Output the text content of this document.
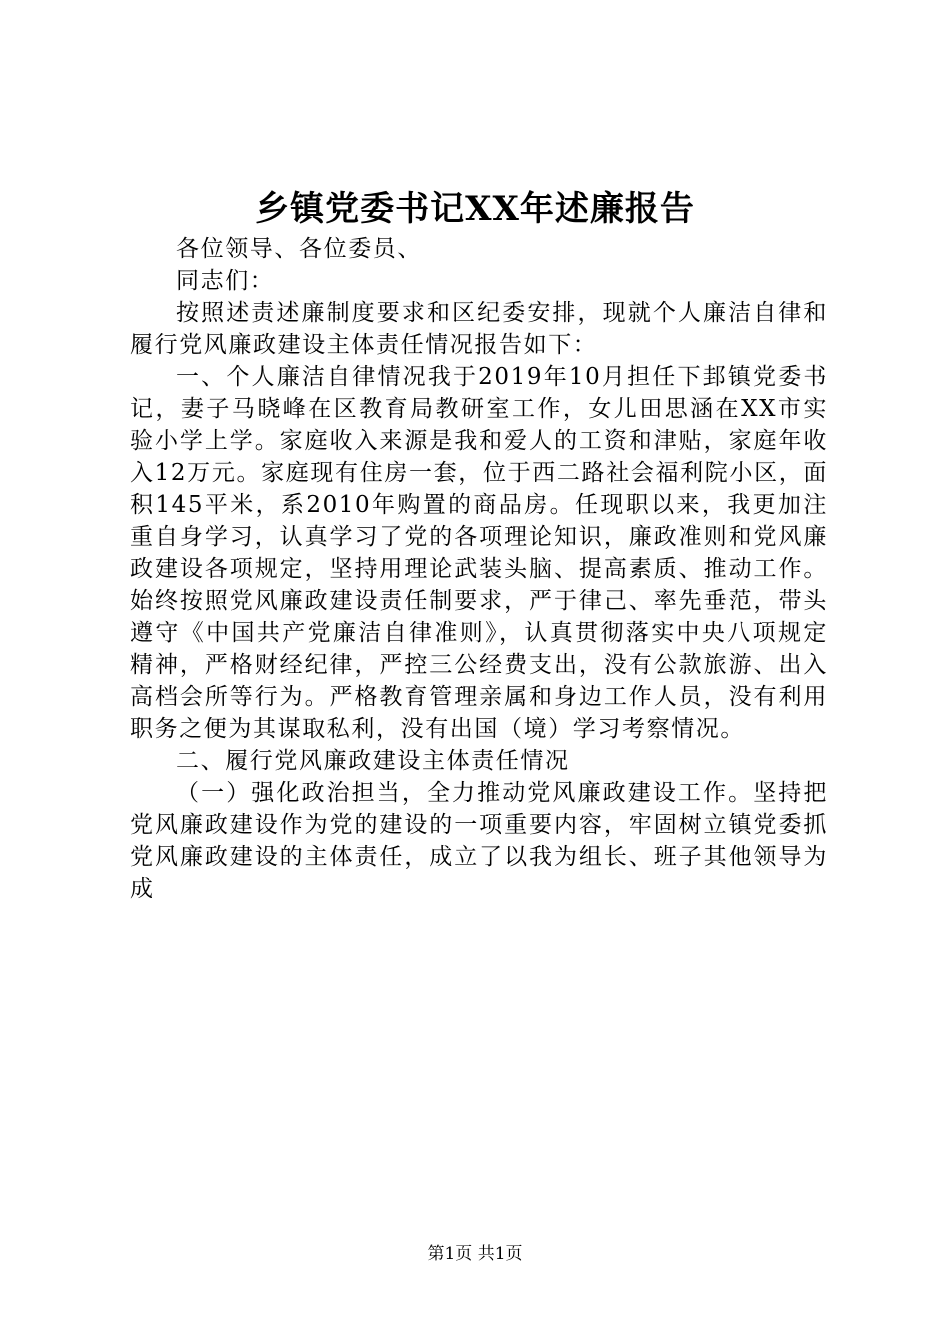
乡镇党委书记XX年述廉报告

各位领导、各位委员、

同志们：

按照述责述廉制度要求和区纪委安排，现就个人廉洁自律和履行党风廉政建设主体责任情况报告如下：

一、个人廉洁自律情况我于2019年10月担任下邽镇党委书记，妻子马晓峰在区教育局教研室工作，女儿田思涵在XX市实验小学上学。家庭收入来源是我和爱人的工资和津贴，家庭年收入12万元。家庭现有住房一套，位于西二路社会福利院小区，面积145平米，系2010年购置的商品房。任现职以来，我更加注重自身学习，认真学习了党的各项理论知识，廉政准则和党风廉政建设各项规定，坚持用理论武装头脑、提高素质、推动工作。始终按照党风廉政建设责任制要求，严于律己、率先垂范，带头遵守《中国共产党廉洁自律准则》，认真贯彻落实中央八项规定精神，严格财经纪律，严控三公经费支出，没有公款旅游、出入高档会所等行为。严格教育管理亲属和身边工作人员，没有利用职务之便为其谋取私利，没有出国（境）学习考察情况。

二、履行党风廉政建设主体责任情况

（一）强化政治担当，全力推动党风廉政建设工作。坚持把党风廉政建设作为党的建设的一项重要内容，牢固树立镇党委抓党风廉政建设的主体责任，成立了以我为组长、班子其他领导为成

第1页 共1页
